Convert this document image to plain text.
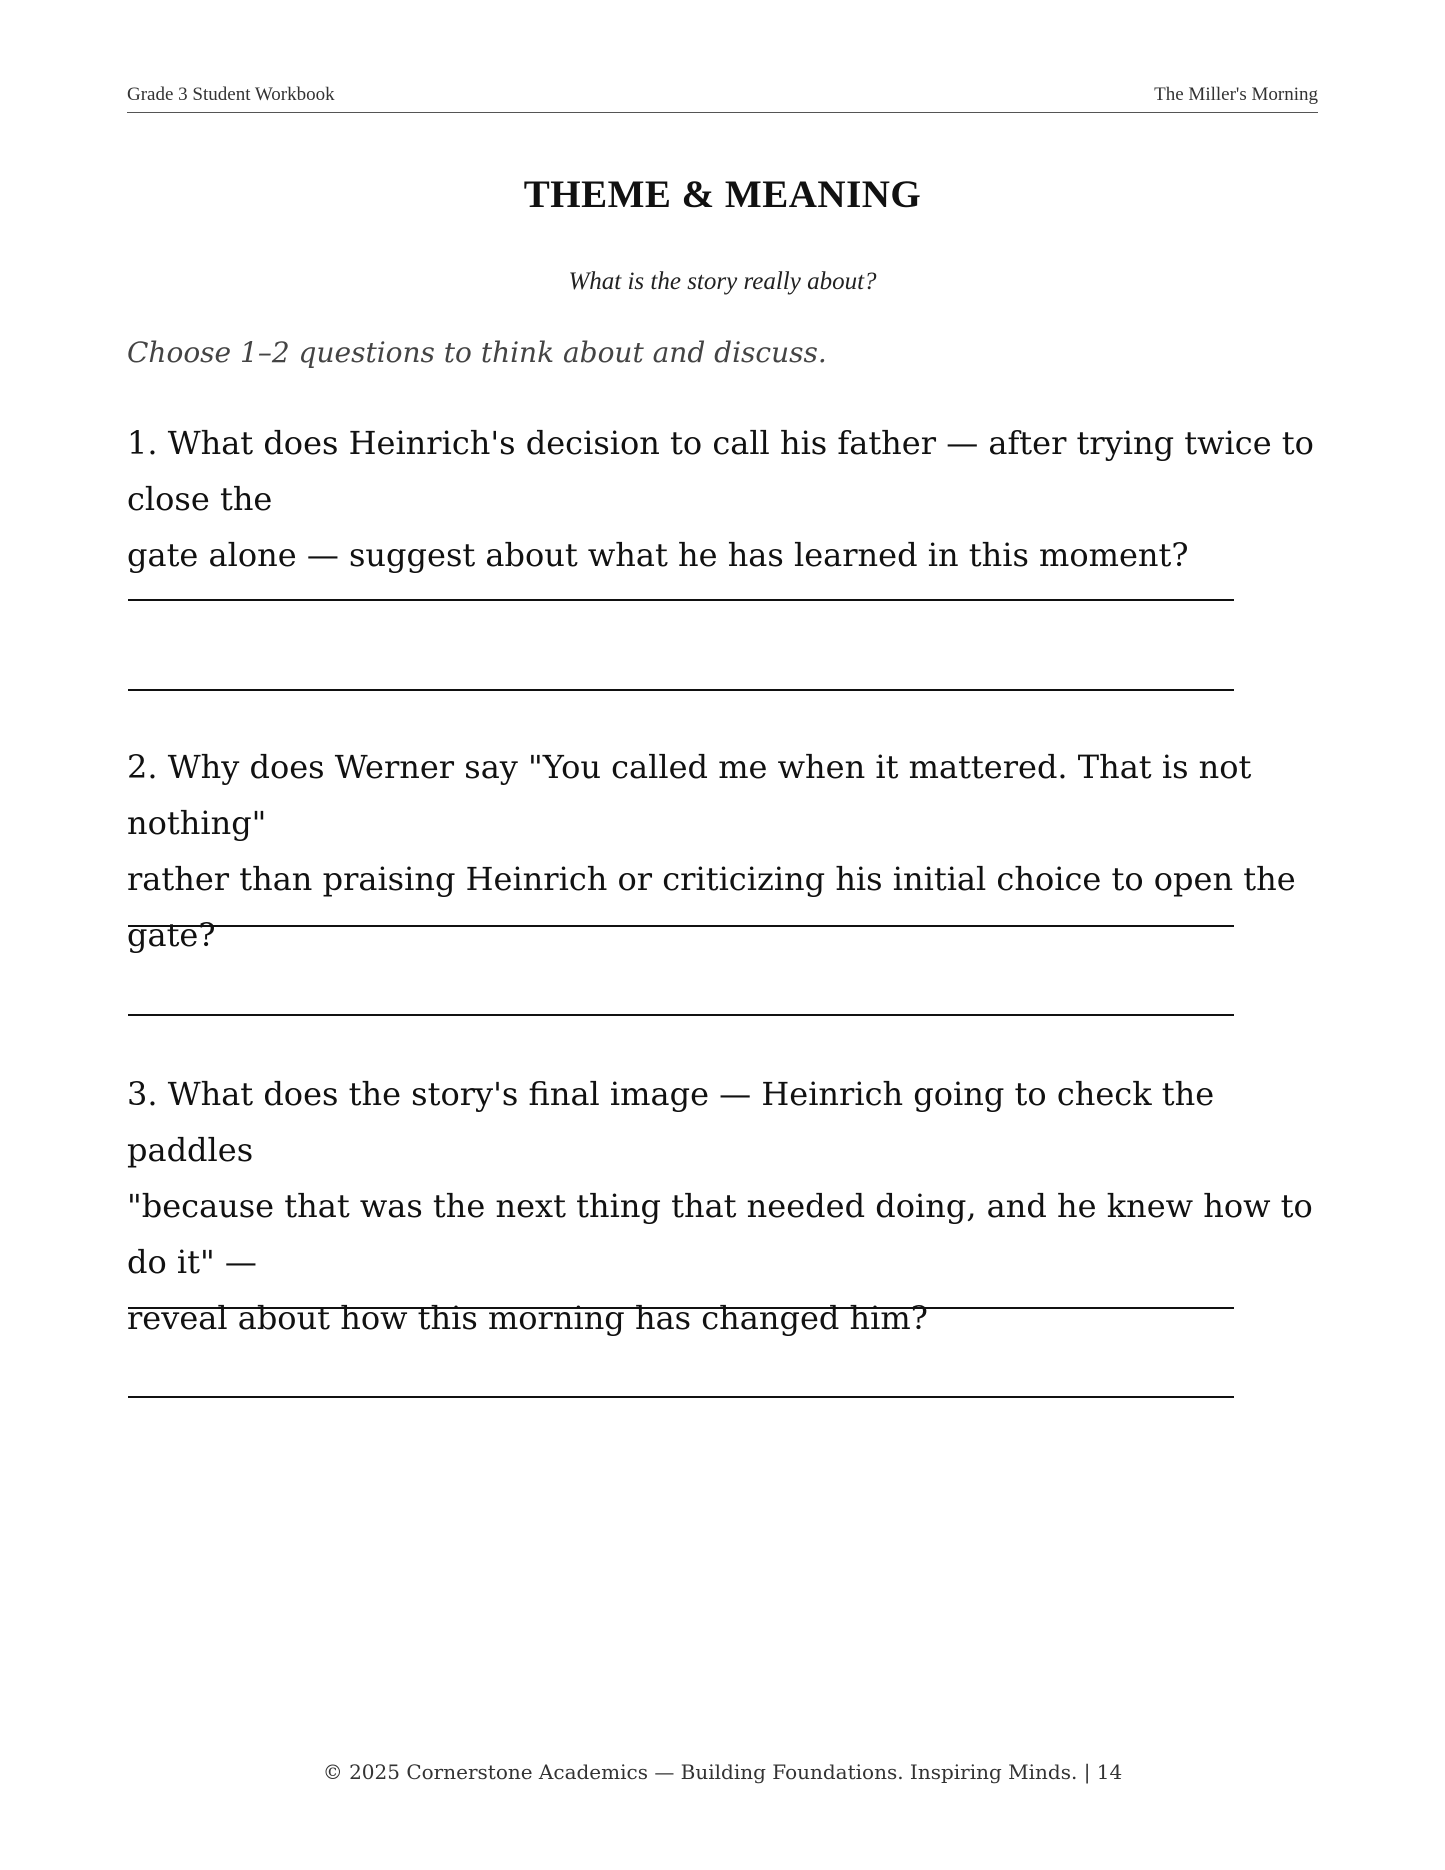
Grade 3 Student Workbook	The Miller's Morning
THEME & MEANING
What is the story really about?
Choose 1–2 questions to think about and discuss.
1. What does Heinrich's decision to call his father — after trying twice to close the
gate alone — suggest about what he has learned in this moment?
2. Why does Werner say "You called me when it mattered. That is not nothing"
rather than praising Heinrich or criticizing his initial choice to open the gate?
3. What does the story's final image — Heinrich going to check the paddles
"because that was the next thing that needed doing, and he knew how to do it" —
reveal about how this morning has changed him?
© 2025 Cornerstone Academics — Building Foundations. Inspiring Minds. | 14
